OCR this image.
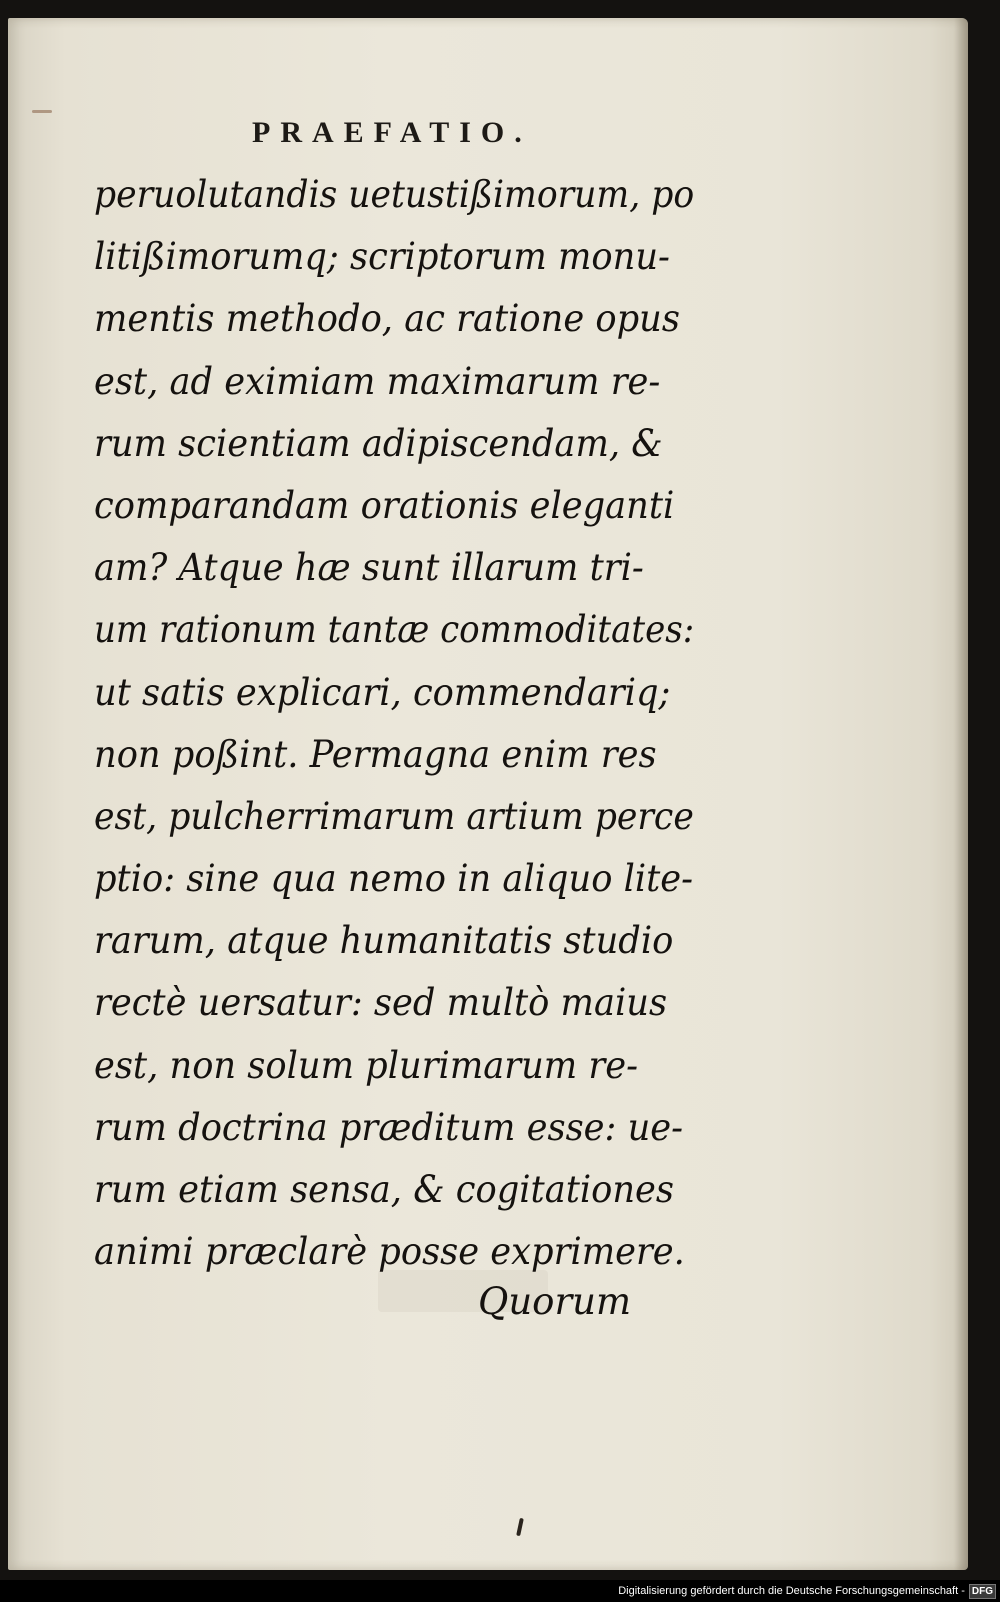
PRAEFATIO.
peruolutandis uetustißimorum, po
litißimorumq; scriptorum monu-
mentis methodo, ac ratione opus
est, ad eximiam maximarum re-
rum scientiam adipiscendam, &
comparandam orationis eleganti
am? Atque hæ sunt illarum tri-
um rationum tantæ commoditates:
ut satis explicari, commendariq;
non poßint. Permagna enim res
est, pulcherrimarum artium perce
ptio: sine qua nemo in aliquo lite-
rarum, atque humanitatis studio
rectè uersatur: sed multò maius
est, non solum plurimarum re-
rum doctrina præditum esse: ue-
rum etiam sensa, & cogitationes
animi præclarè posse exprimere.

Quorum

Digitalisierung gefördert durch die Deutsche Forschungsgemeinschaft - DFG
